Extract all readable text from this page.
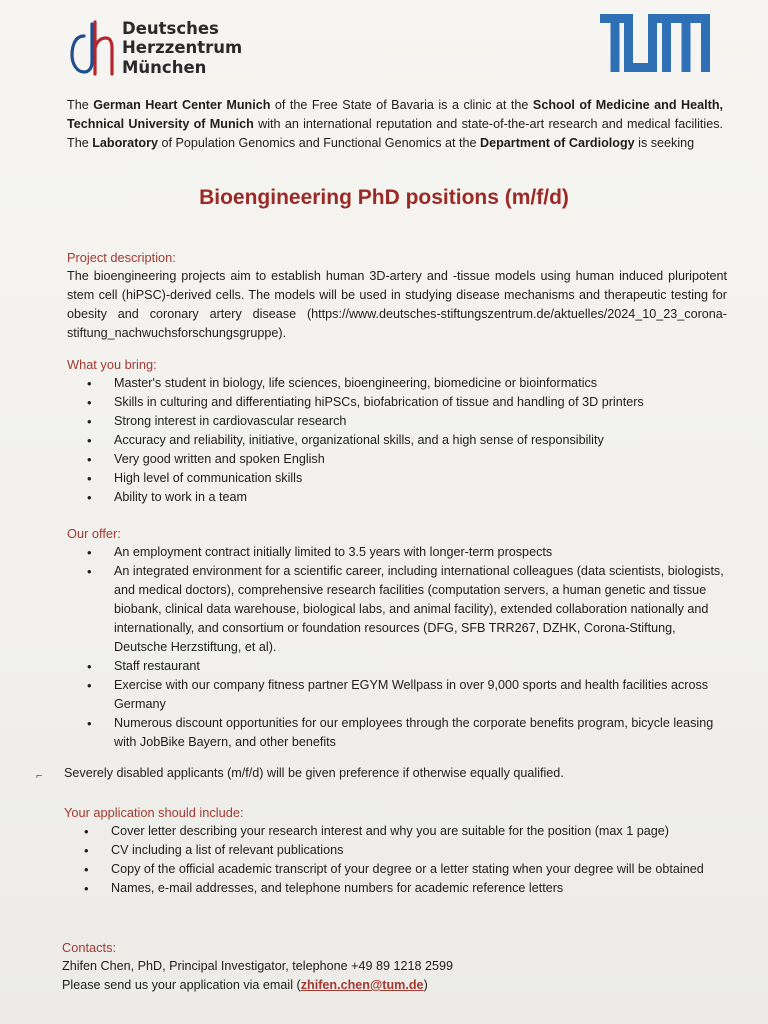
Deutsches
Herzzentrum
München
The German Heart Center Munich of the Free State of Bavaria is a clinic at the School of Medicine and Health, Technical University of Munich with an international reputation and state-of-the-art research and medical facilities. The Laboratory of Population Genomics and Functional Genomics at the Department of Cardiology is seeking
Bioengineering PhD positions (m/f/d)
Project description:
The bioengineering projects aim to establish human 3D-artery and -tissue models using human induced pluripotent stem cell (hiPSC)-derived cells. The models will be used in studying disease mechanisms and therapeutic testing for obesity and coronary artery disease (https://www.deutsches-stiftungszentrum.de/aktuelles/2024_10_23_corona-stiftung_nachwuchsforschungsgruppe).
What you bring:
• Master's student in biology, life sciences, bioengineering, biomedicine or bioinformatics
• Skills in culturing and differentiating hiPSCs, biofabrication of tissue and handling of 3D printers
• Strong interest in cardiovascular research
• Accuracy and reliability, initiative, organizational skills, and a high sense of responsibility
• Very good written and spoken English
• High level of communication skills
• Ability to work in a team
Our offer:
• An employment contract initially limited to 3.5 years with longer-term prospects
• An integrated environment for a scientific career, including international colleagues (data scientists, biologists, and medical doctors), comprehensive research facilities (computation servers, a human genetic and tissue biobank, clinical data warehouse, biological labs, and animal facility), extended collaboration nationally and internationally, and consortium or foundation resources (DFG, SFB TRR267, DZHK, Corona-Stiftung, Deutsche Herzstiftung, et al).
• Staff restaurant
• Exercise with our company fitness partner EGYM Wellpass in over 9,000 sports and health facilities across Germany
• Numerous discount opportunities for our employees through the corporate benefits program, bicycle leasing with JobBike Bayern, and other benefits
⌐ Severely disabled applicants (m/f/d) will be given preference if otherwise equally qualified.
Your application should include:
• Cover letter describing your research interest and why you are suitable for the position (max 1 page)
• CV including a list of relevant publications
• Copy of the official academic transcript of your degree or a letter stating when your degree will be obtained
• Names, e-mail addresses, and telephone numbers for academic reference letters
Contacts:
Zhifen Chen, PhD, Principal Investigator, telephone +49 89 1218 2599
Please send us your application via email (zhifen.chen@tum.de)
